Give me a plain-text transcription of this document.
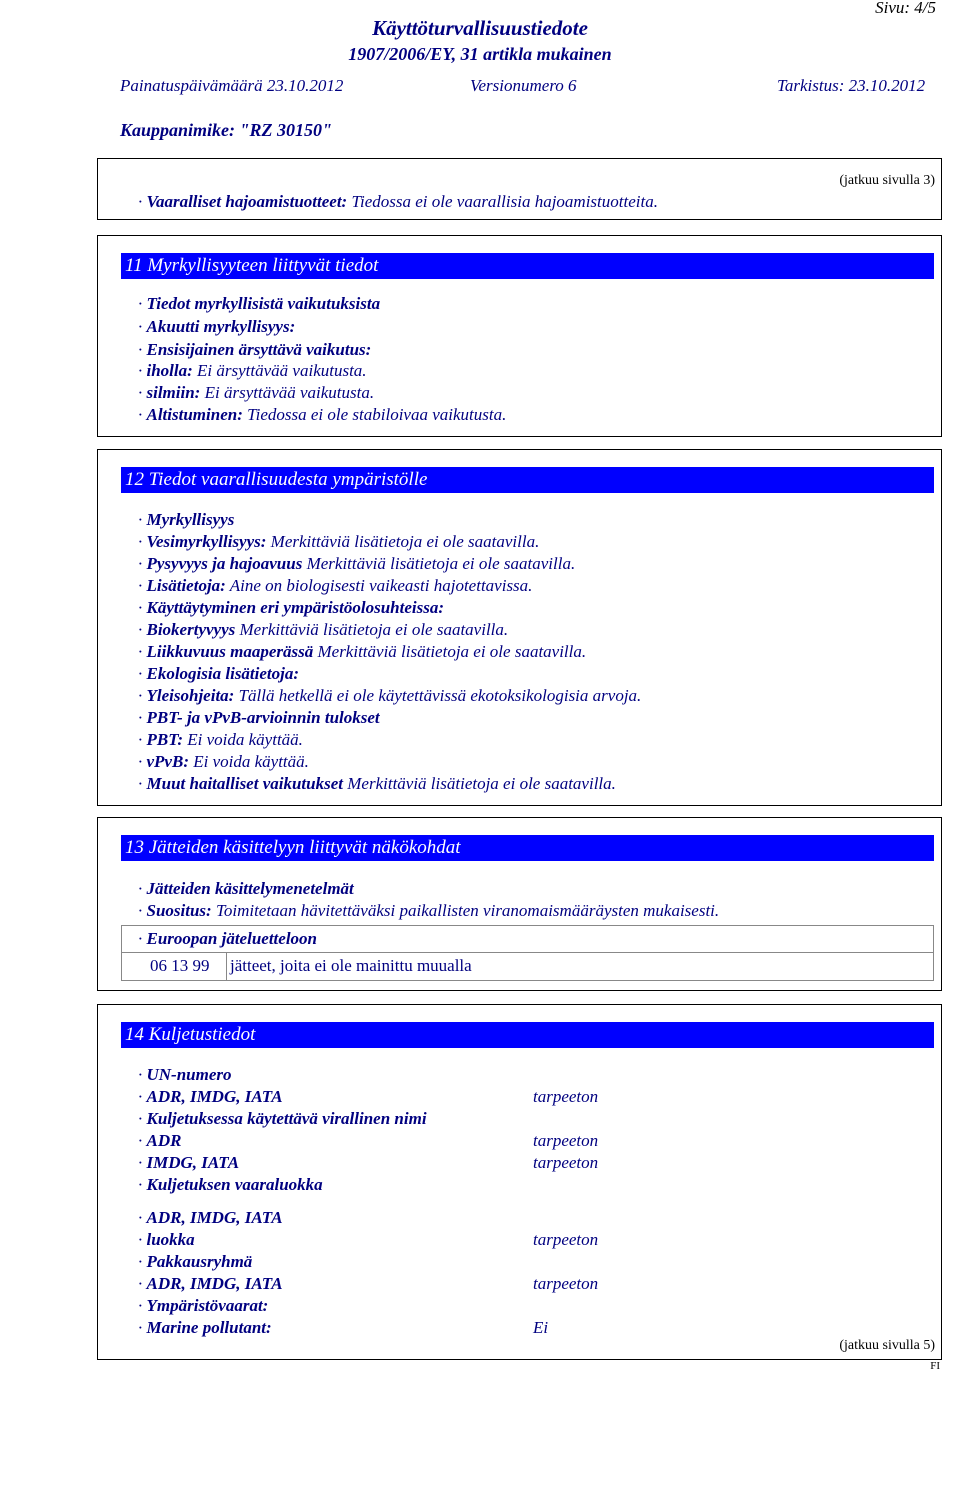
Sivu: 4/5
Käyttöturvallisuustiedote
1907/2006/EY, 31 artikla mukainen
Painatuspäivämäärä 23.10.2012	Versionumero 6	Tarkistus: 23.10.2012
Kauppanimike: "RZ 30150"
(jatkuu sivulla 3)
· Vaaralliset hajoamistuotteet: Tiedossa ei ole vaarallisia hajoamistuotteita.
11 Myrkyllisyyteen liittyvät tiedot
· Tiedot myrkyllisistä vaikutuksista
· Akuutti myrkyllisyys:
· Ensisijainen ärsyttävä vaikutus:
· iholla: Ei ärsyttävää vaikutusta.
· silmiin: Ei ärsyttävää vaikutusta.
· Altistuminen: Tiedossa ei ole stabiloivaa vaikutusta.
12 Tiedot vaarallisuudesta ympäristölle
· Myrkyllisyys
· Vesimyrkyllisyys: Merkittäviä lisätietoja ei ole saatavilla.
· Pysyvyys ja hajoavuus Merkittäviä lisätietoja ei ole saatavilla.
· Lisätietoja: Aine on biologisesti vaikeasti hajotettavissa.
· Käyttäytyminen eri ympäristöolosuhteissa:
· Biokertyvyys Merkittäviä lisätietoja ei ole saatavilla.
· Liikkuvuus maaperässä Merkittäviä lisätietoja ei ole saatavilla.
· Ekologisia lisätietoja:
· Yleisohjeita: Tällä hetkellä ei ole käytettävissä ekotoksikologisia arvoja.
· PBT- ja vPvB-arvioinnin tulokset
· PBT: Ei voida käyttää.
· vPvB: Ei voida käyttää.
· Muut haitalliset vaikutukset Merkittäviä lisätietoja ei ole saatavilla.
13 Jätteiden käsittelyyn liittyvät näkökohdat
· Jätteiden käsittelymenetelmät
· Suositus: Toimitetaan hävitettäväksi paikallisten viranomaismääräysten mukaisesti.
· Euroopan jäteluetteloon
06 13 99 jätteet, joita ei ole mainittu muualla
14 Kuljetustiedot
· UN-numero
· ADR, IMDG, IATA	tarpeeton
· Kuljetuksessa käytettävä virallinen nimi
· ADR	tarpeeton
· IMDG, IATA	tarpeeton
· Kuljetuksen vaaraluokka
· ADR, IMDG, IATA
· luokka	tarpeeton
· Pakkausryhmä
· ADR, IMDG, IATA	tarpeeton
· Ympäristövaarat:
· Marine pollutant:	Ei
(jatkuu sivulla 5)
FI
